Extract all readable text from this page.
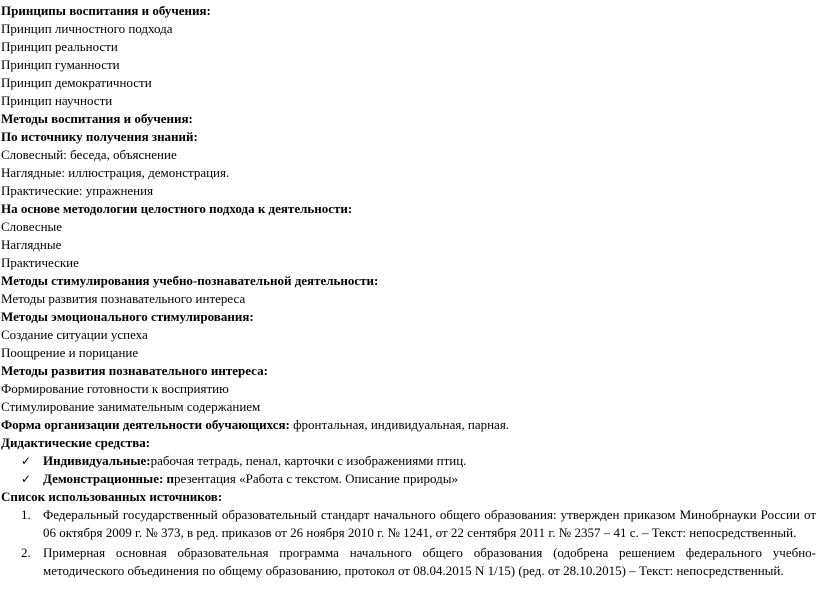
Принципы воспитания и обучения:
Принцип личностного подхода
Принцип реальности
Принцип гуманности
Принцип демократичности
Принцип научности
Методы воспитания и обучения:
По источнику получения знаний:
Словесный: беседа, объяснение
Наглядные: иллюстрация, демонстрация.
Практические: упражнения
На основе методологии целостного подхода к деятельности:
Словесные
Наглядные
Практические
Методы стимулирования учебно-познавательной деятельности:
Методы развития познавательного интереса
Методы эмоционального стимулирования:
Создание ситуации успеха
Поощрение и порицание
Методы развития познавательного интереса:
Формирование готовности к восприятию
Стимулирование занимательным содержанием
Форма организации деятельности обучающихся: фронтальная, индивидуальная, парная.
Дидактические средства:
✓ Индивидуальные: рабочая тетрадь, пенал, карточки с изображениями птиц.
✓ Демонстрационные: п резентация «Работа с текстом. Описание природы»
Список использованных источников:
1. Федеральный государственный образовательный стандарт начального общего образования: утвержден приказом Минобрнауки России от 06 октября 2009 г. № 373, в ред. приказов от 26 ноября 2010 г. № 1241, от 22 сентября 2011 г. № 2357 – 41 с. – Текст: непосредственный.
2. Примерная основная образовательная программа начального общего образования (одобрена решением федерального учебно-методического объединения по общему образованию, протокол от 08.04.2015 N 1/15) (ред. от 28.10.2015) – Текст: непосредственный.
